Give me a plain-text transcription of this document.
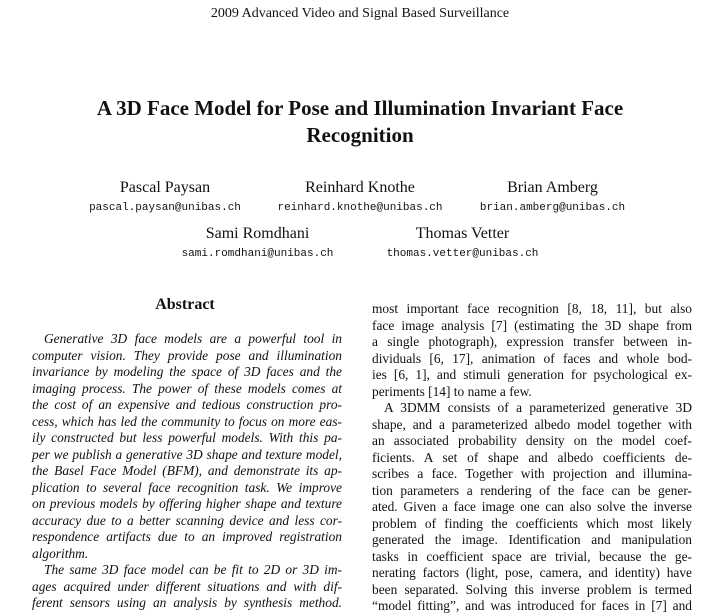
2009 Advanced Video and Signal Based Surveillance
A 3D Face Model for Pose and Illumination Invariant Face
Recognition
Pascal Paysan
pascal.paysan@unibas.ch
Reinhard Knothe
reinhard.knothe@unibas.ch
Brian Amberg
brian.amberg@unibas.ch
Sami Romdhani
sami.romdhani@unibas.ch
Thomas Vetter
thomas.vetter@unibas.ch
Abstract
Generative 3D face models are a powerful tool in
computer vision. They provide pose and illumination
invariance by modeling the space of 3D faces and the
imaging process. The power of these models comes at
the cost of an expensive and tedious construction pro-
cess, which has led the community to focus on more eas-
ily constructed but less powerful models. With this pa-
per we publish a generative 3D shape and texture model,
the Basel Face Model (BFM), and demonstrate its ap-
plication to several face recognition task. We improve
on previous models by offering higher shape and texture
accuracy due to a better scanning device and less cor-
respondence artifacts due to an improved registration
algorithm.
The same 3D face model can be fit to 2D or 3D im-
ages acquired under different situations and with dif-
ferent sensors using an analysis by synthesis method.
most important face recognition [8, 18, 11], but also
face image analysis [7] (estimating the 3D shape from
a single photograph), expression transfer between in-
dividuals [6, 17], animation of faces and whole bod-
ies [6, 1], and stimuli generation for psychological ex-
periments [14] to name a few.
A 3DMM consists of a parameterized generative 3D
shape, and a parameterized albedo model together with
an associated probability density on the model coef-
ficients. A set of shape and albedo coefficients de-
scribes a face. Together with projection and illumina-
tion parameters a rendering of the face can be gener-
ated. Given a face image one can also solve the inverse
problem of finding the coefficients which most likely
generated the image. Identification and manipulation
tasks in coefficient space are trivial, because the ge-
nerating factors (light, pose, camera, and identity) have
been separated. Solving this inverse problem is termed
“model fitting”, and was introduced for faces in [7] and
